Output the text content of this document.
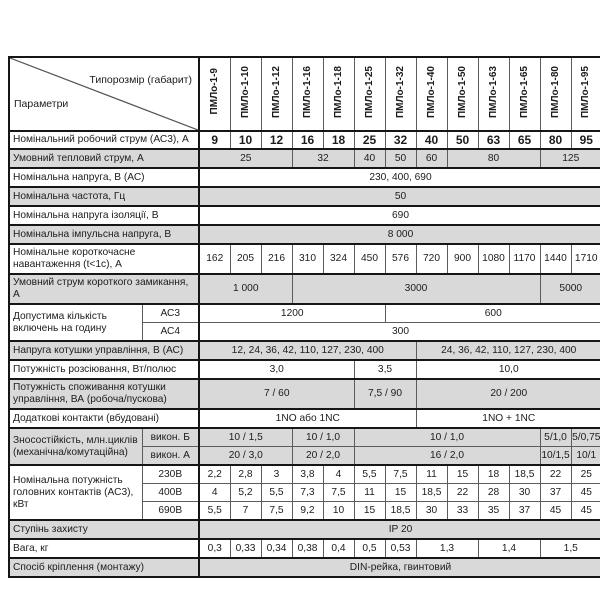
Типорозмір (габарит)
Параметри		ПМЛо-1-9	ПМЛо-1-10	ПМЛо-1-12	ПМЛо-1-16	ПМЛо-1-18	ПМЛо-1-25	ПМЛо-1-32	ПМЛо-1-40	ПМЛо-1-50	ПМЛо-1-63	ПМЛо-1-65	ПМЛо-1-80	ПМЛо-1-95
Номінальний робочий струм (АС3), А		9	10	12	16	18	25	32	40	50	63	65	80	95
Умовний тепловий струм, А		25			32		40	50	60	80			125	
Номінальна напруга, В (АС)		230, 400, 690												
Номінальна частота, Гц		50												
Номінальна напруга ізоляції, В		690												
Номінальна імпульсна напруга, В		8 000												
Номінальне короткочасне навантаження (t<1c), А		162	205	216	310	324	450	576	720	900	1080	1170	1440	1710
Умовний струм короткого замикання, А		1 000			3000								5000	
Допустима кількість включень на годину	АС3	1200						600						
	АС4	300												
Напруга котушки управління, В (АС)		12, 24, 36, 42, 110, 127, 230, 400							24, 36, 42, 110, 127, 230, 400					
Потужність розсіювання, Вт/полюс		3,0					3,5		10,0					
Потужність споживання котушки управління, ВА (робоча/пускова)		7 / 60					7,5 / 90		20 / 200					
Додаткові контакти (вбудовані)		1NO або 1NC							1NO + 1NC					
Зносостійкість, млн.циклів (механічна/комутаційна)	викон. Б	10 / 1,5			10 / 1,0		10 / 1,0						5/1,0	5/0,75
	викон. А	20 / 3,0			20 / 2,0		16 / 2,0						10/1,5	10/1
Номінальна потужність головних контактів (АС3), кВт	230В	2,2	2,8	3	3,8	4	5,5	7,5	11	15	18	18,5	22	25
	400В	4	5,2	5,5	7,3	7,5	11	15	18,5	22	28	30	37	45
	690В	5,5	7	7,5	9,2	10	15	18,5	30	33	35	37	45	45
Ступінь захисту		IP 20												
Вага, кг		0,3	0,33	0,34	0,38	0,4	0,5	0,53	1,3		1,4		1,5	
Спосіб кріплення (монтажу)		DIN-рейка, гвинтовий												
